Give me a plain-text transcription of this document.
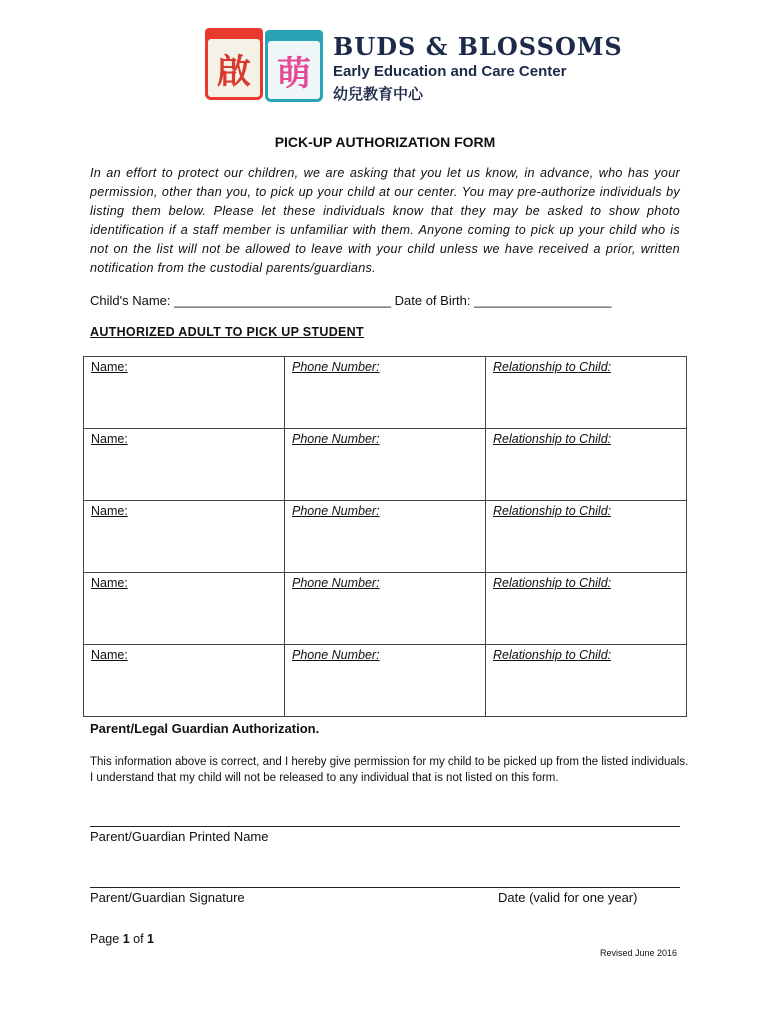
啟 萌
BUDS & BLOSSOMS
Early Education and Care Center
幼兒教育中心
PICK-UP AUTHORIZATION FORM
In an effort to protect our children, we are asking that you let us know, in advance, who has your permission, other than you, to pick up your child at our center. You may pre-authorize individuals by listing them below. Please let these individuals know that they may be asked to show photo identification if a staff member is unfamiliar with them. Anyone coming to pick up your child who is not on the list will not be allowed to leave with your child unless we have received a prior, written notification from the custodial parents/guardians.
Child's Name: ______________________________ Date of Birth: ___________________
AUTHORIZED ADULT TO PICK UP STUDENT
Name:	Phone Number:	Relationship to Child:
Name:	Phone Number:	Relationship to Child:
Name:	Phone Number:	Relationship to Child:
Name:	Phone Number:	Relationship to Child:
Name:	Phone Number:	Relationship to Child:
Parent/Legal Guardian Authorization.
This information above is correct, and I hereby give permission for my child to be picked up from the listed individuals. I understand that my child will not be released to any individual that is not listed on this form.
Parent/Guardian Printed Name
Parent/Guardian Signature	Date (valid for one year)
Page 1 of 1
Revised June 2016
